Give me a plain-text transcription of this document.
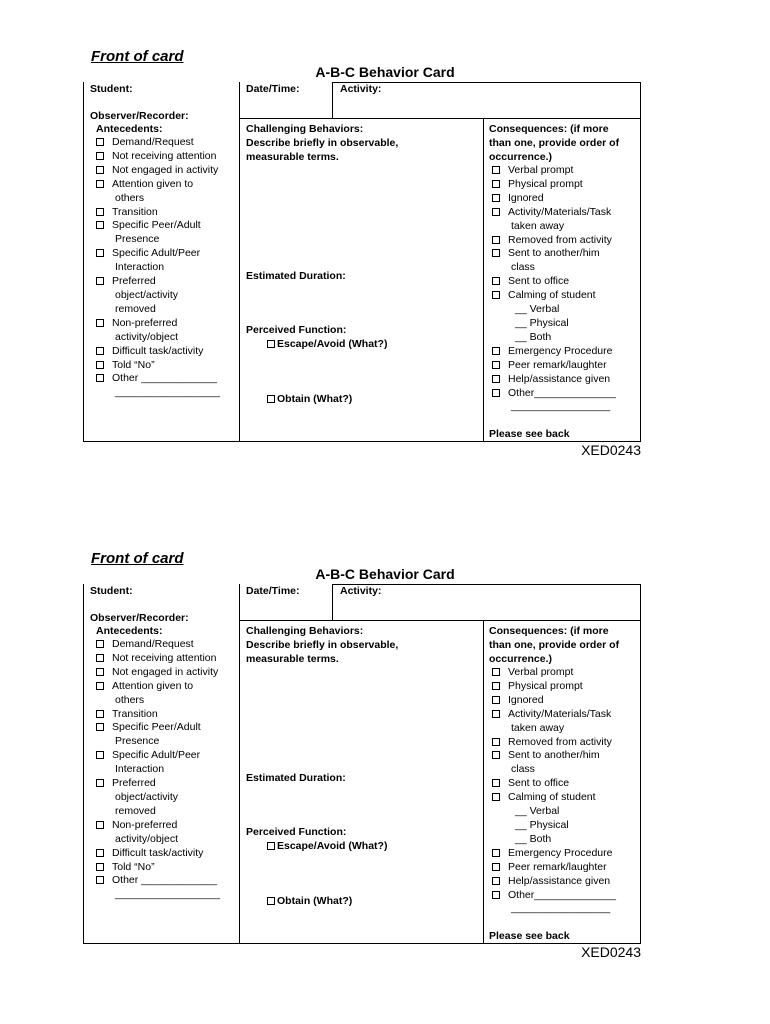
Front of card
A-B-C Behavior Card
Student:	Date/Time:	Activity:
Observer/Recorder:
Antecedents:
Demand/Request
Not receiving attention
Not engaged in activity
Attention given to
others
Transition
Specific Peer/Adult
Presence
Specific Adult/Peer
Interaction
Preferred
object/activity
removed
Non-preferred
activity/object
Difficult task/activity
Told “No”
Other _____________
__________________
Challenging Behaviors:
Describe briefly in observable,
measurable terms.
Estimated Duration:
Perceived Function:
Escape/Avoid (What?)
Obtain (What?)
Consequences: (if more
than one, provide order of
occurrence.)
Verbal prompt
Physical prompt
Ignored
Activity/Materials/Task
taken away
Removed from activity
Sent to another/him
class
Sent to office
Calming of student
__ Verbal
__ Physical
__ Both
Emergency Procedure
Peer remark/laughter
Help/assistance given
Other______________
_________________
Please see back
XED0243
Front of card
A-B-C Behavior Card
Student:	Date/Time:	Activity:
Observer/Recorder:
Antecedents:
Demand/Request
Not receiving attention
Not engaged in activity
Attention given to
others
Transition
Specific Peer/Adult
Presence
Specific Adult/Peer
Interaction
Preferred
object/activity
removed
Non-preferred
activity/object
Difficult task/activity
Told “No”
Other _____________
__________________
Challenging Behaviors:
Describe briefly in observable,
measurable terms.
Estimated Duration:
Perceived Function:
Escape/Avoid (What?)
Obtain (What?)
Consequences: (if more
than one, provide order of
occurrence.)
Verbal prompt
Physical prompt
Ignored
Activity/Materials/Task
taken away
Removed from activity
Sent to another/him
class
Sent to office
Calming of student
__ Verbal
__ Physical
__ Both
Emergency Procedure
Peer remark/laughter
Help/assistance given
Other______________
_________________
Please see back
XED0243
